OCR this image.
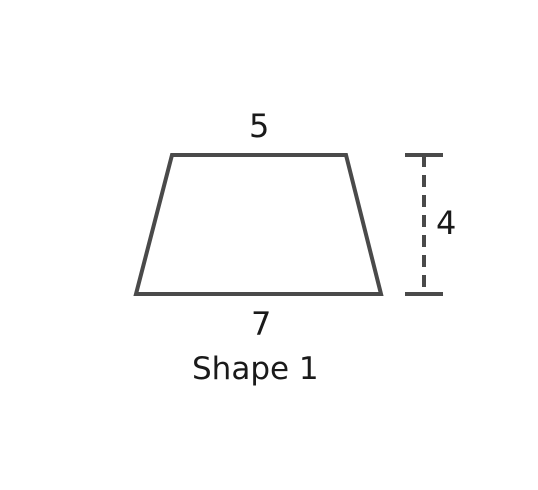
5
4
7
Shape 1
